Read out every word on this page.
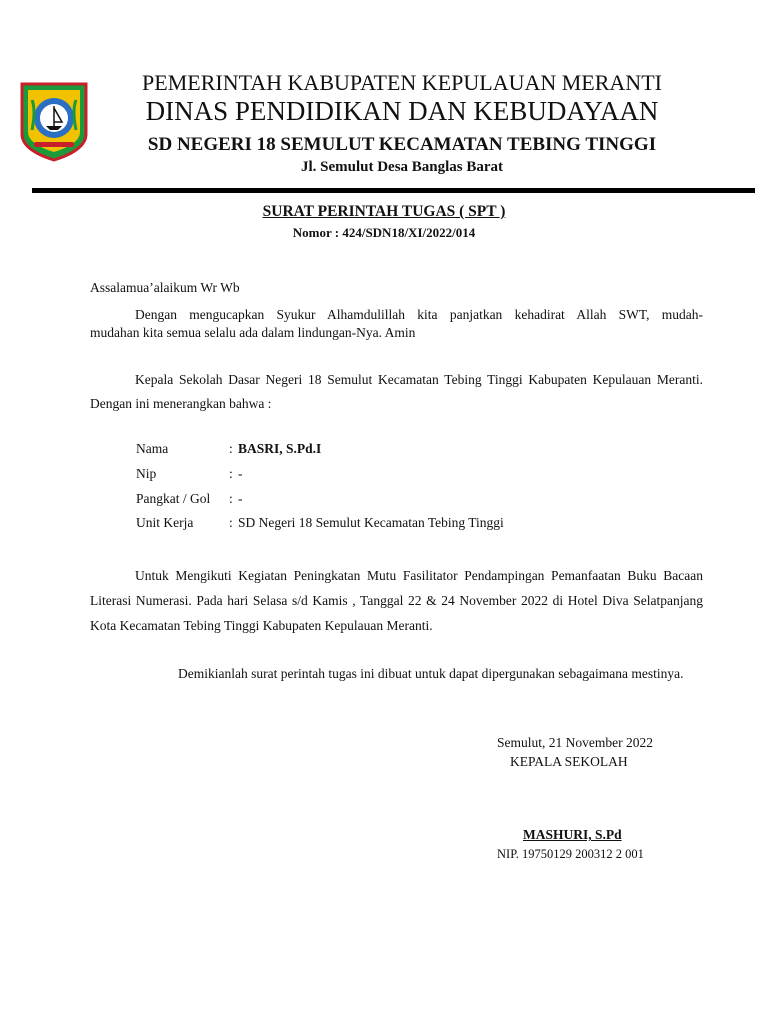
PEMERINTAH KABUPATEN KEPULAUAN MERANTI
DINAS PENDIDIKAN DAN KEBUDAYAAN
SD NEGERI 18 SEMULUT KECAMATAN TEBING TINGGI
Jl. Semulut Desa Banglas Barat
SURAT PERINTAH TUGAS ( SPT )
Nomor : 424/SDN18/XI/2022/014
Assalamua’alaikum Wr Wb
Dengan mengucapkan Syukur Alhamdulillah kita panjatkan kehadirat Allah SWT, mudah-
mudahan kita semua selalu ada dalam lindungan-Nya. Amin
Kepala Sekolah Dasar Negeri 18 Semulut Kecamatan Tebing Tinggi Kabupaten Kepulauan Meranti. Dengan ini menerangkan bahwa :
Nama	: BASRI, S.Pd.I
Nip	: -
Pangkat / Gol : -
Unit Kerja	: SD Negeri 18 Semulut Kecamatan Tebing Tinggi
Untuk Mengikuti Kegiatan Peningkatan Mutu Fasilitator Pendampingan Pemanfaatan Buku Bacaan Literasi Numerasi. Pada hari Selasa s/d Kamis , Tanggal 22 & 24 November 2022 di Hotel Diva Selatpanjang Kota Kecamatan Tebing Tinggi Kabupaten Kepulauan Meranti.
Demikianlah surat perintah tugas ini dibuat untuk dapat dipergunakan sebagaimana mestinya.
Semulut, 21 November 2022
KEPALA SEKOLAH
MASHURI, S.Pd
NIP. 19750129 200312 2 001
